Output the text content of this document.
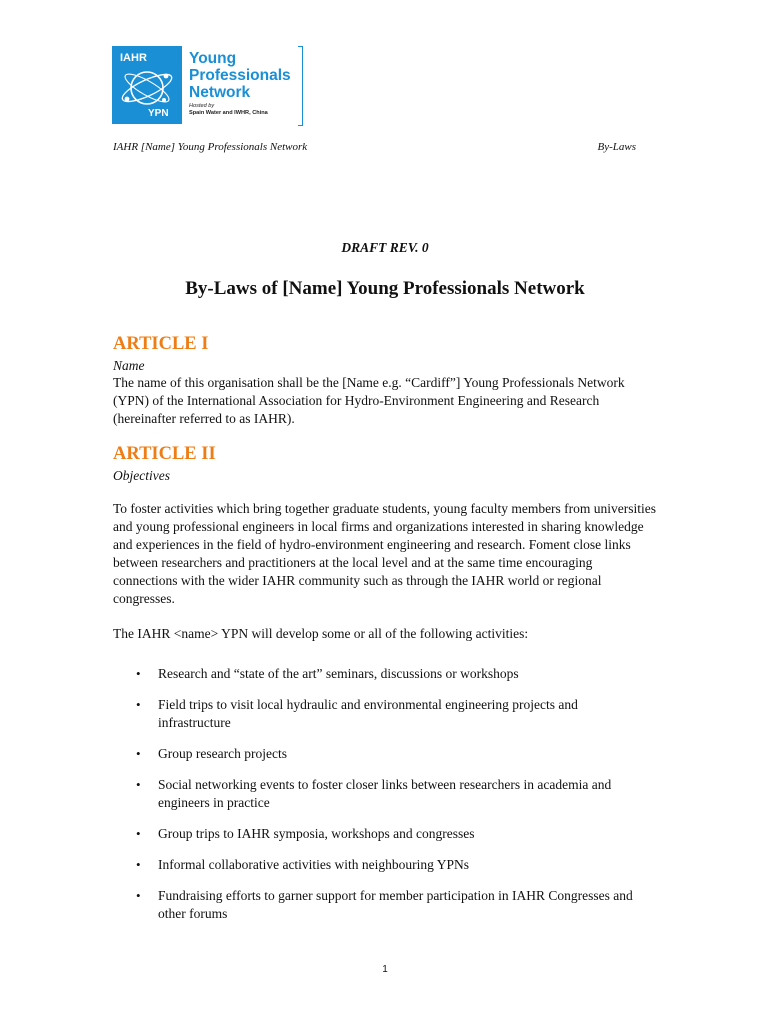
IAHR
YPN
Young
Professionals
Network
Hosted by
Spain Water and IWHR, China
IAHR [Name] Young Professionals Network	By-Laws
DRAFT REV. 0
By-Laws of [Name] Young Professionals Network
ARTICLE I
Name
The name of this organisation shall be the [Name e.g. “Cardiff”] Young Professionals Network (YPN) of the International Association for Hydro-Environment Engineering and Research (hereinafter referred to as IAHR).
ARTICLE II
Objectives
To foster activities which bring together graduate students, young faculty members from universities and young professional engineers in local firms and organizations interested in sharing knowledge and experiences in the field of hydro-environment engineering and research. Foment close links between researchers and practitioners at the local level and at the same time encouraging connections with the wider IAHR community such as through the IAHR world or regional congresses.
The IAHR <name> YPN will develop some or all of the following activities:
• Research and “state of the art” seminars, discussions or workshops
• Field trips to visit local hydraulic and environmental engineering projects and infrastructure
• Group research projects
• Social networking events to foster closer links between researchers in academia and engineers in practice
• Group trips to IAHR symposia, workshops and congresses
• Informal collaborative activities with neighbouring YPNs
• Fundraising efforts to garner support for member participation in IAHR Congresses and other forums
1
